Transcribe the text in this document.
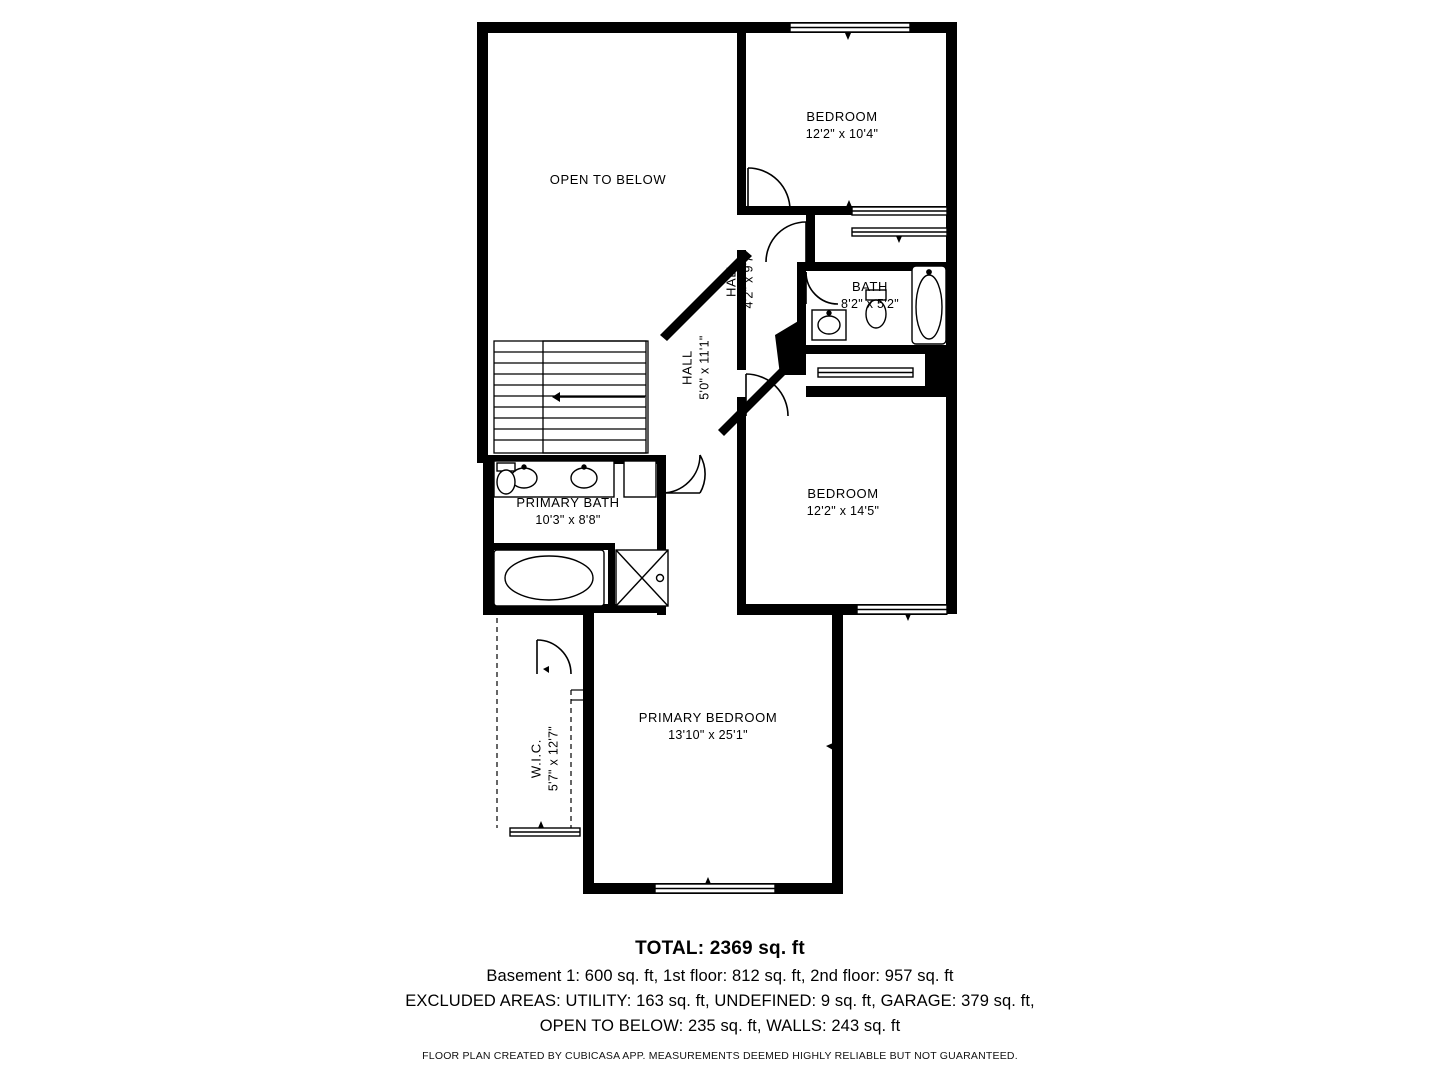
OPEN TO BELOW
BEDROOM
12'2" x 10'4"
BATH
8'2" x 5'2"
HALL 4'2" x 9'7"
HALL 5'0" x 11'1"
BEDROOM
12'2" x 14'5"
PRIMARY BATH
10'3" x 8'8"
W.I.C. 5'7" x 12'7"
PRIMARY BEDROOM
13'10" x 25'1"
TOTAL: 2369 sq. ft
Basement 1: 600 sq. ft, 1st floor: 812 sq. ft, 2nd floor: 957 sq. ft
EXCLUDED AREAS: UTILITY: 163 sq. ft, UNDEFINED: 9 sq. ft, GARAGE: 379 sq. ft,
OPEN TO BELOW: 235 sq. ft, WALLS: 243 sq. ft
FLOOR PLAN CREATED BY CUBICASA APP. MEASUREMENTS DEEMED HIGHLY RELIABLE BUT NOT GUARANTEED.
